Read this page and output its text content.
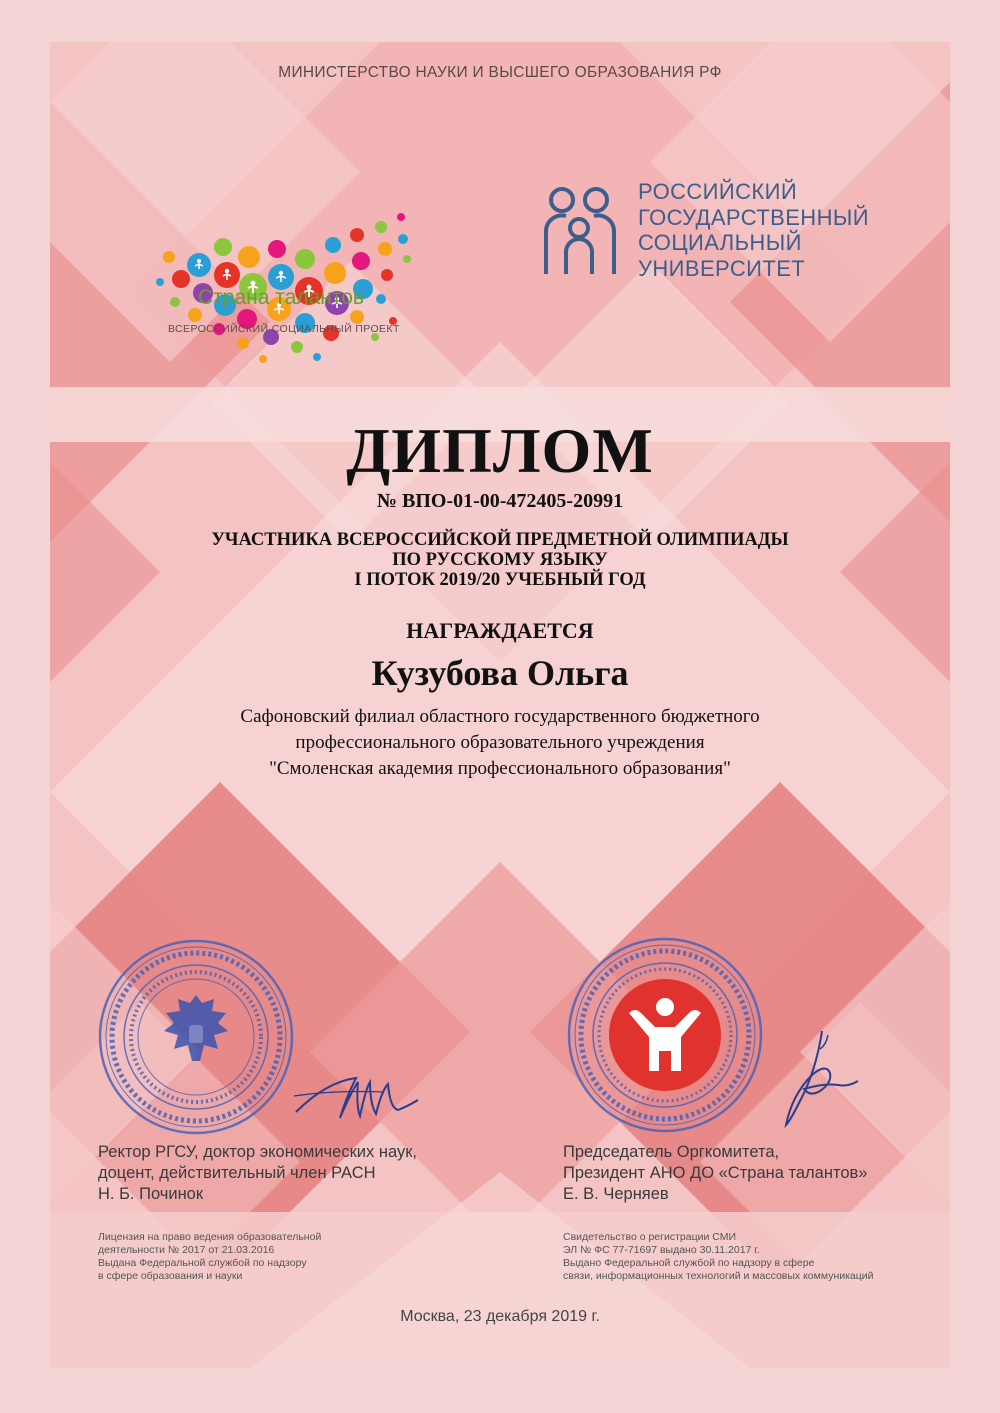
МИНИСТЕРСТВО НАУКИ И ВЫСШЕГО ОБРАЗОВАНИЯ РФ
Страна талантов
ВСЕРОССИЙСКИЙ СОЦИАЛЬНЫЙ ПРОЕКТ
РОССИЙСКИЙ
ГОСУДАРСТВЕННЫЙ
СОЦИАЛЬНЫЙ
УНИВЕРСИТЕТ
ДИПЛОМ
№ ВПО-01-00-472405-20991
УЧАСТНИКА ВСЕРОССИЙСКОЙ ПРЕДМЕТНОЙ ОЛИМПИАДЫ
ПО РУССКОМУ ЯЗЫКУ
I ПОТОК 2019/20 УЧЕБНЫЙ ГОД
НАГРАЖДАЕТСЯ
Кузубова Ольга
Сафоновский филиал областного государственного бюджетного
профессионального образовательного учреждения
"Смоленская академия профессионального образования"
Ректор РГСУ, доктор экономических наук,
доцент, действительный член РАСН
Н. Б. Починок
Председатель Оргкомитета,
Президент АНО ДО «Страна талантов»
Е. В. Черняев
Лицензия на право ведения образовательной
деятельности № 2017 от 21.03.2016
Выдана Федеральной службой по надзору
в сфере образования и науки
Свидетельство о регистрации СМИ
ЭЛ № ФС 77-71697 выдано 30.11.2017 г.
Выдано Федеральной службой по надзору в сфере
связи, информационных технологий и массовых коммуникаций
Москва, 23 декабря 2019 г.
